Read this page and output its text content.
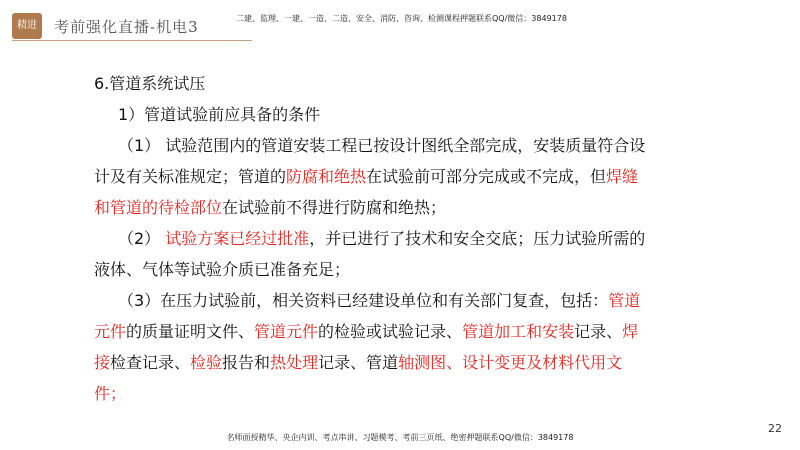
精进	考前强化直播-机电3	二建、监理、一建、一造、二造、安全、消防、咨询、检测课程押题联系QQ/微信：3849178

6.管道系统试压

1）管道试验前应具备的条件

（1） 试验范围内的管道安装工程已按设计图纸全部完成，安装质量符合设计及有关标准规定；管道的防腐和绝热在试验前可部分完成或不完成，但焊缝和管道的待检部位在试验前不得进行防腐和绝热；

（2） 试验方案已经过批准，并已进行了技术和安全交底；压力试验所需的液体、气体等试验介质已准备充足；

（3）在压力试验前，相关资料已经建设单位和有关部门复查，包括：管道元件的质量证明文件、管道元件的检验或试验记录、管道加工和安装记录、焊接检查记录、检验报告和热处理记录、管道轴测图、设计变更及材料代用文件；

22
名师面授精华、央企内训、考点串讲、习题模考、考前三页纸、绝密押题联系QQ/微信：3849178
